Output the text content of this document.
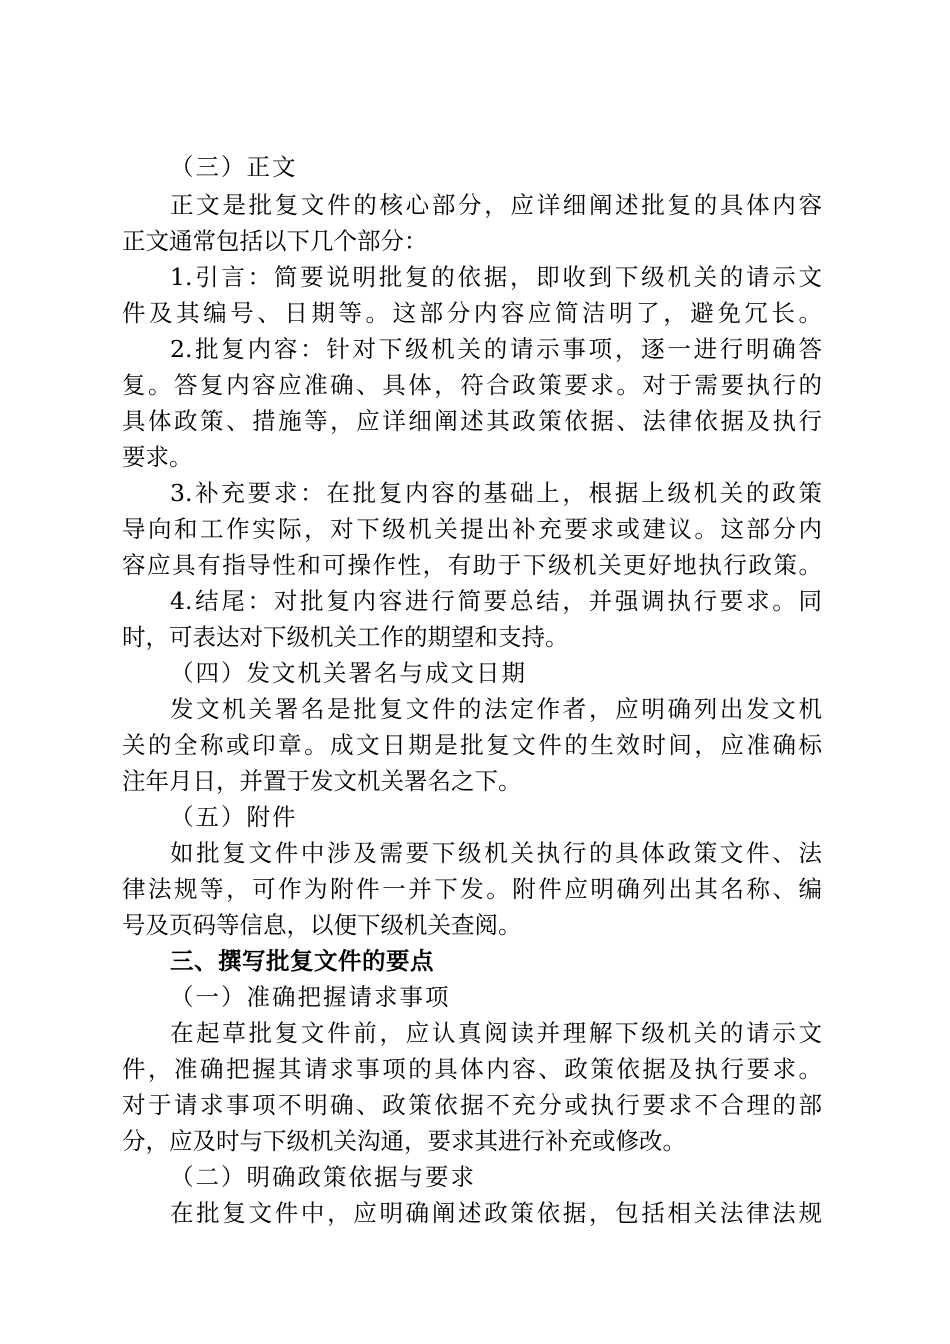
（三）正文
正文是批复文件的核心部分，应详细阐述批复的具体内容
正文通常包括以下几个部分：
1.引言：简要说明批复的依据，即收到下级机关的请示文
件及其编号、日期等。这部分内容应简洁明了，避免冗长。
2.批复内容：针对下级机关的请示事项，逐一进行明确答
复。答复内容应准确、具体，符合政策要求。对于需要执行的
具体政策、措施等，应详细阐述其政策依据、法律依据及执行
要求。
3.补充要求：在批复内容的基础上，根据上级机关的政策
导向和工作实际，对下级机关提出补充要求或建议。这部分内
容应具有指导性和可操作性，有助于下级机关更好地执行政策。
4.结尾：对批复内容进行简要总结，并强调执行要求。同
时，可表达对下级机关工作的期望和支持。
（四）发文机关署名与成文日期
发文机关署名是批复文件的法定作者，应明确列出发文机
关的全称或印章。成文日期是批复文件的生效时间，应准确标
注年月日，并置于发文机关署名之下。
（五）附件
如批复文件中涉及需要下级机关执行的具体政策文件、法
律法规等，可作为附件一并下发。附件应明确列出其名称、编
号及页码等信息，以便下级机关查阅。
三、撰写批复文件的要点
（一）准确把握请求事项
在起草批复文件前，应认真阅读并理解下级机关的请示文
件，准确把握其请求事项的具体内容、政策依据及执行要求。
对于请求事项不明确、政策依据不充分或执行要求不合理的部
分，应及时与下级机关沟通，要求其进行补充或修改。
（二）明确政策依据与要求
在批复文件中，应明确阐述政策依据，包括相关法律法规
